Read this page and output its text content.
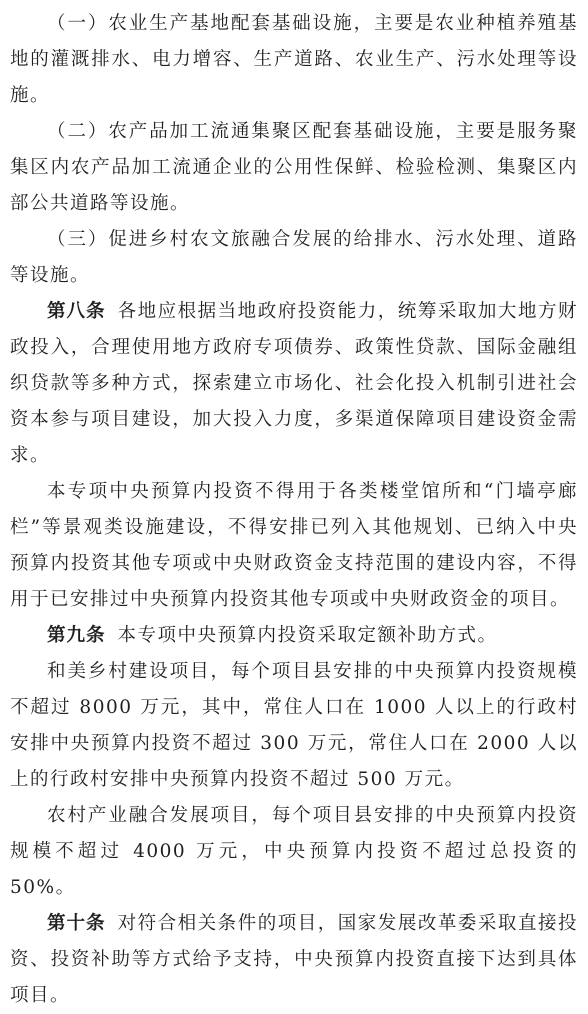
（一）农业生产基地配套基础设施，主要是农业种植养殖基地的灌溉排水、电力增容、生产道路、农业生产、污水处理等设施。

（二）农产品加工流通集聚区配套基础设施，主要是服务聚集区内农产品加工流通企业的公用性保鲜、检验检测、集聚区内部公共道路等设施。

（三）促进乡村农文旅融合发展的给排水、污水处理、道路等设施。

第八条 各地应根据当地政府投资能力，统筹采取加大地方财政投入，合理使用地方政府专项债券、政策性贷款、国际金融组织贷款等多种方式，探索建立市场化、社会化投入机制引进社会资本参与项目建设，加大投入力度，多渠道保障项目建设资金需求。

本专项中央预算内投资不得用于各类楼堂馆所和“门墙亭廊栏”等景观类设施建设，不得安排已列入其他规划、已纳入中央预算内投资其他专项或中央财政资金支持范围的建设内容，不得用于已安排过中央预算内投资其他专项或中央财政资金的项目。

第九条 本专项中央预算内投资采取定额补助方式。

和美乡村建设项目，每个项目县安排的中央预算内投资规模不超过 8000 万元，其中，常住人口在 1000 人以上的行政村安排中央预算内投资不超过 300 万元，常住人口在 2000 人以上的行政村安排中央预算内投资不超过 500 万元。

农村产业融合发展项目，每个项目县安排的中央预算内投资规模不超过 4000 万元，中央预算内投资不超过总投资的 50%。

第十条 对符合相关条件的项目，国家发展改革委采取直接投资、投资补助等方式给予支持，中央预算内投资直接下达到具体项目。
